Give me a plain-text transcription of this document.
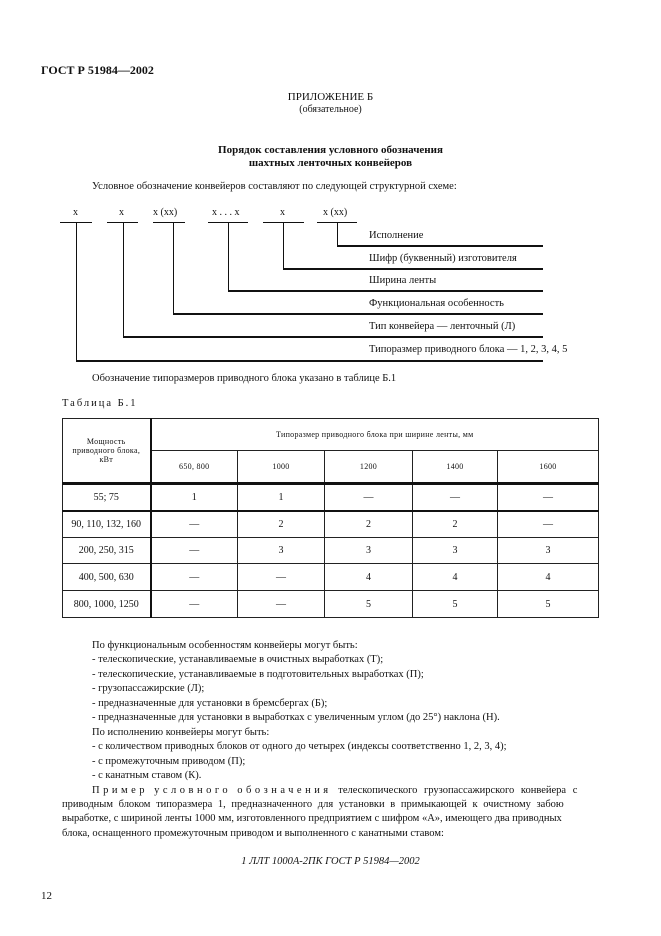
ГОСТ Р 51984—2002
ПРИЛОЖЕНИЕ Б
(обязательное)
Порядок составления условного обозначения
шахтных ленточных конвейеров
Условное обозначение конвейеров составляют по следующей структурной схеме:
x	x	x (xx)	x . . . x	x	x (xx)
Исполнение
Шифр (буквенный) изготовителя
Ширина ленты
Функциональная особенность
Тип конвейера — ленточный (Л)
Типоразмер приводного блока — 1, 2, 3, 4, 5
Обозначение типоразмеров приводного блока указано в таблице Б.1
Таблица Б.1
Мощность
приводного блока,
кВт	Типоразмер приводного блока при ширине ленты, мм				
	650, 800	1000	1200	1400	1600
55; 75	1	1	—	—	—
90, 110, 132, 160	—	2	2	2	—
200, 250, 315	—	3	3	3	3
400, 500, 630	—	—	4	4	4
800, 1000, 1250	—	—	5	5	5
По функциональным особенностям конвейеры могут быть:
- телескопические, устанавливаемые в очистных выработках (Т);
- телескопические, устанавливаемые в подготовительных выработках (П);
- грузопассажирские (Л);
- предназначенные для установки в бремсбергах (Б);
- предназначенные для установки в выработках с увеличенным углом (до 25°) наклона (Н).
По исполнению конвейеры могут быть:
- с количеством приводных блоков от одного до четырех (индексы соответственно 1, 2, 3, 4);
- с промежуточным приводом (П);
- с канатным ставом (К).
Пример условного обозначения телескопического грузопассажирского конвейера с
приводным блоком типоразмера 1, предназначенного для установки в примыкающей к очистному забою
выработке, с шириной ленты 1000 мм, изготовленного предприятием с шифром «А», имеющего два приводных
блока, оснащенного промежуточным приводом и выполненного с канатными ставом:
1 ЛЛТ 1000А-2ПК ГОСТ Р 51984—2002
12
